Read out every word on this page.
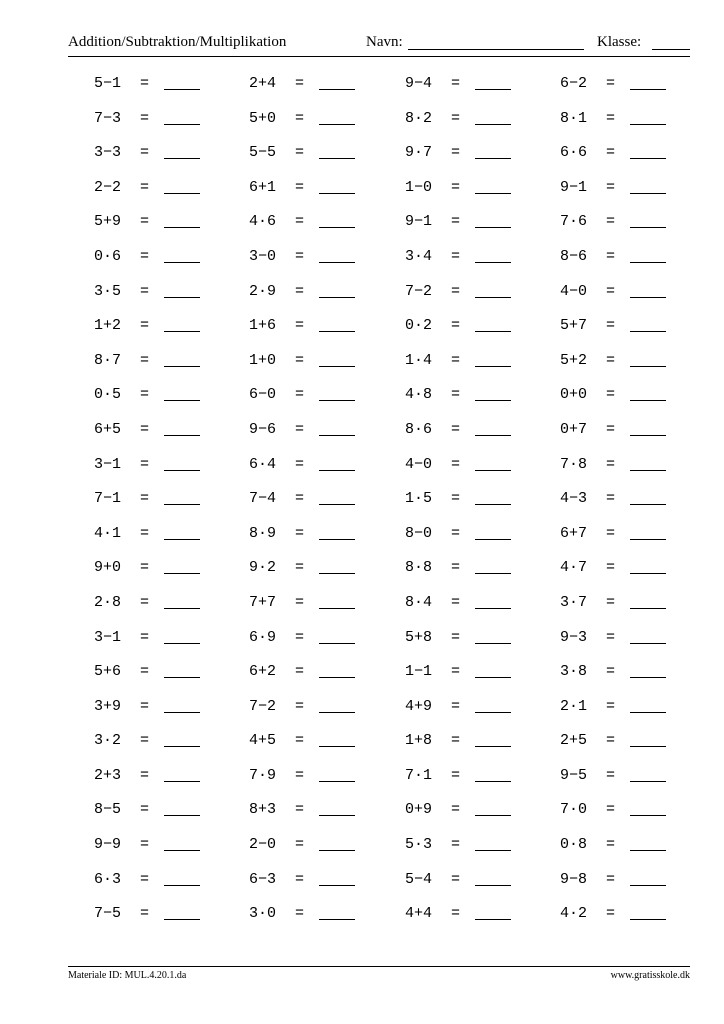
Addition/Subtraktion/Multiplikation	Navn:	Klasse:
5−1 =
7−3 =
3−3 =
2−2 =
5+9 =
0·6 =
3·5 =
1+2 =
8·7 =
0·5 =
6+5 =
3−1 =
7−1 =
4·1 =
9+0 =
2·8 =
3−1 =
5+6 =
3+9 =
3·2 =
2+3 =
8−5 =
9−9 =
6·3 =
7−5 =
2+4 =
5+0 =
5−5 =
6+1 =
4·6 =
3−0 =
2·9 =
1+6 =
1+0 =
6−0 =
9−6 =
6·4 =
7−4 =
8·9 =
9·2 =
7+7 =
6·9 =
6+2 =
7−2 =
4+5 =
7·9 =
8+3 =
2−0 =
6−3 =
3·0 =
9−4 =
8·2 =
9·7 =
1−0 =
9−1 =
3·4 =
7−2 =
0·2 =
1·4 =
4·8 =
8·6 =
4−0 =
1·5 =
8−0 =
8·8 =
8·4 =
5+8 =
1−1 =
4+9 =
1+8 =
7·1 =
0+9 =
5·3 =
5−4 =
4+4 =
6−2 =
8·1 =
6·6 =
9−1 =
7·6 =
8−6 =
4−0 =
5+7 =
5+2 =
0+0 =
0+7 =
7·8 =
4−3 =
6+7 =
4·7 =
3·7 =
9−3 =
3·8 =
2·1 =
2+5 =
9−5 =
7·0 =
0·8 =
9−8 =
4·2 =
Materiale ID: MUL.4.20.1.da	www.gratisskole.dk
